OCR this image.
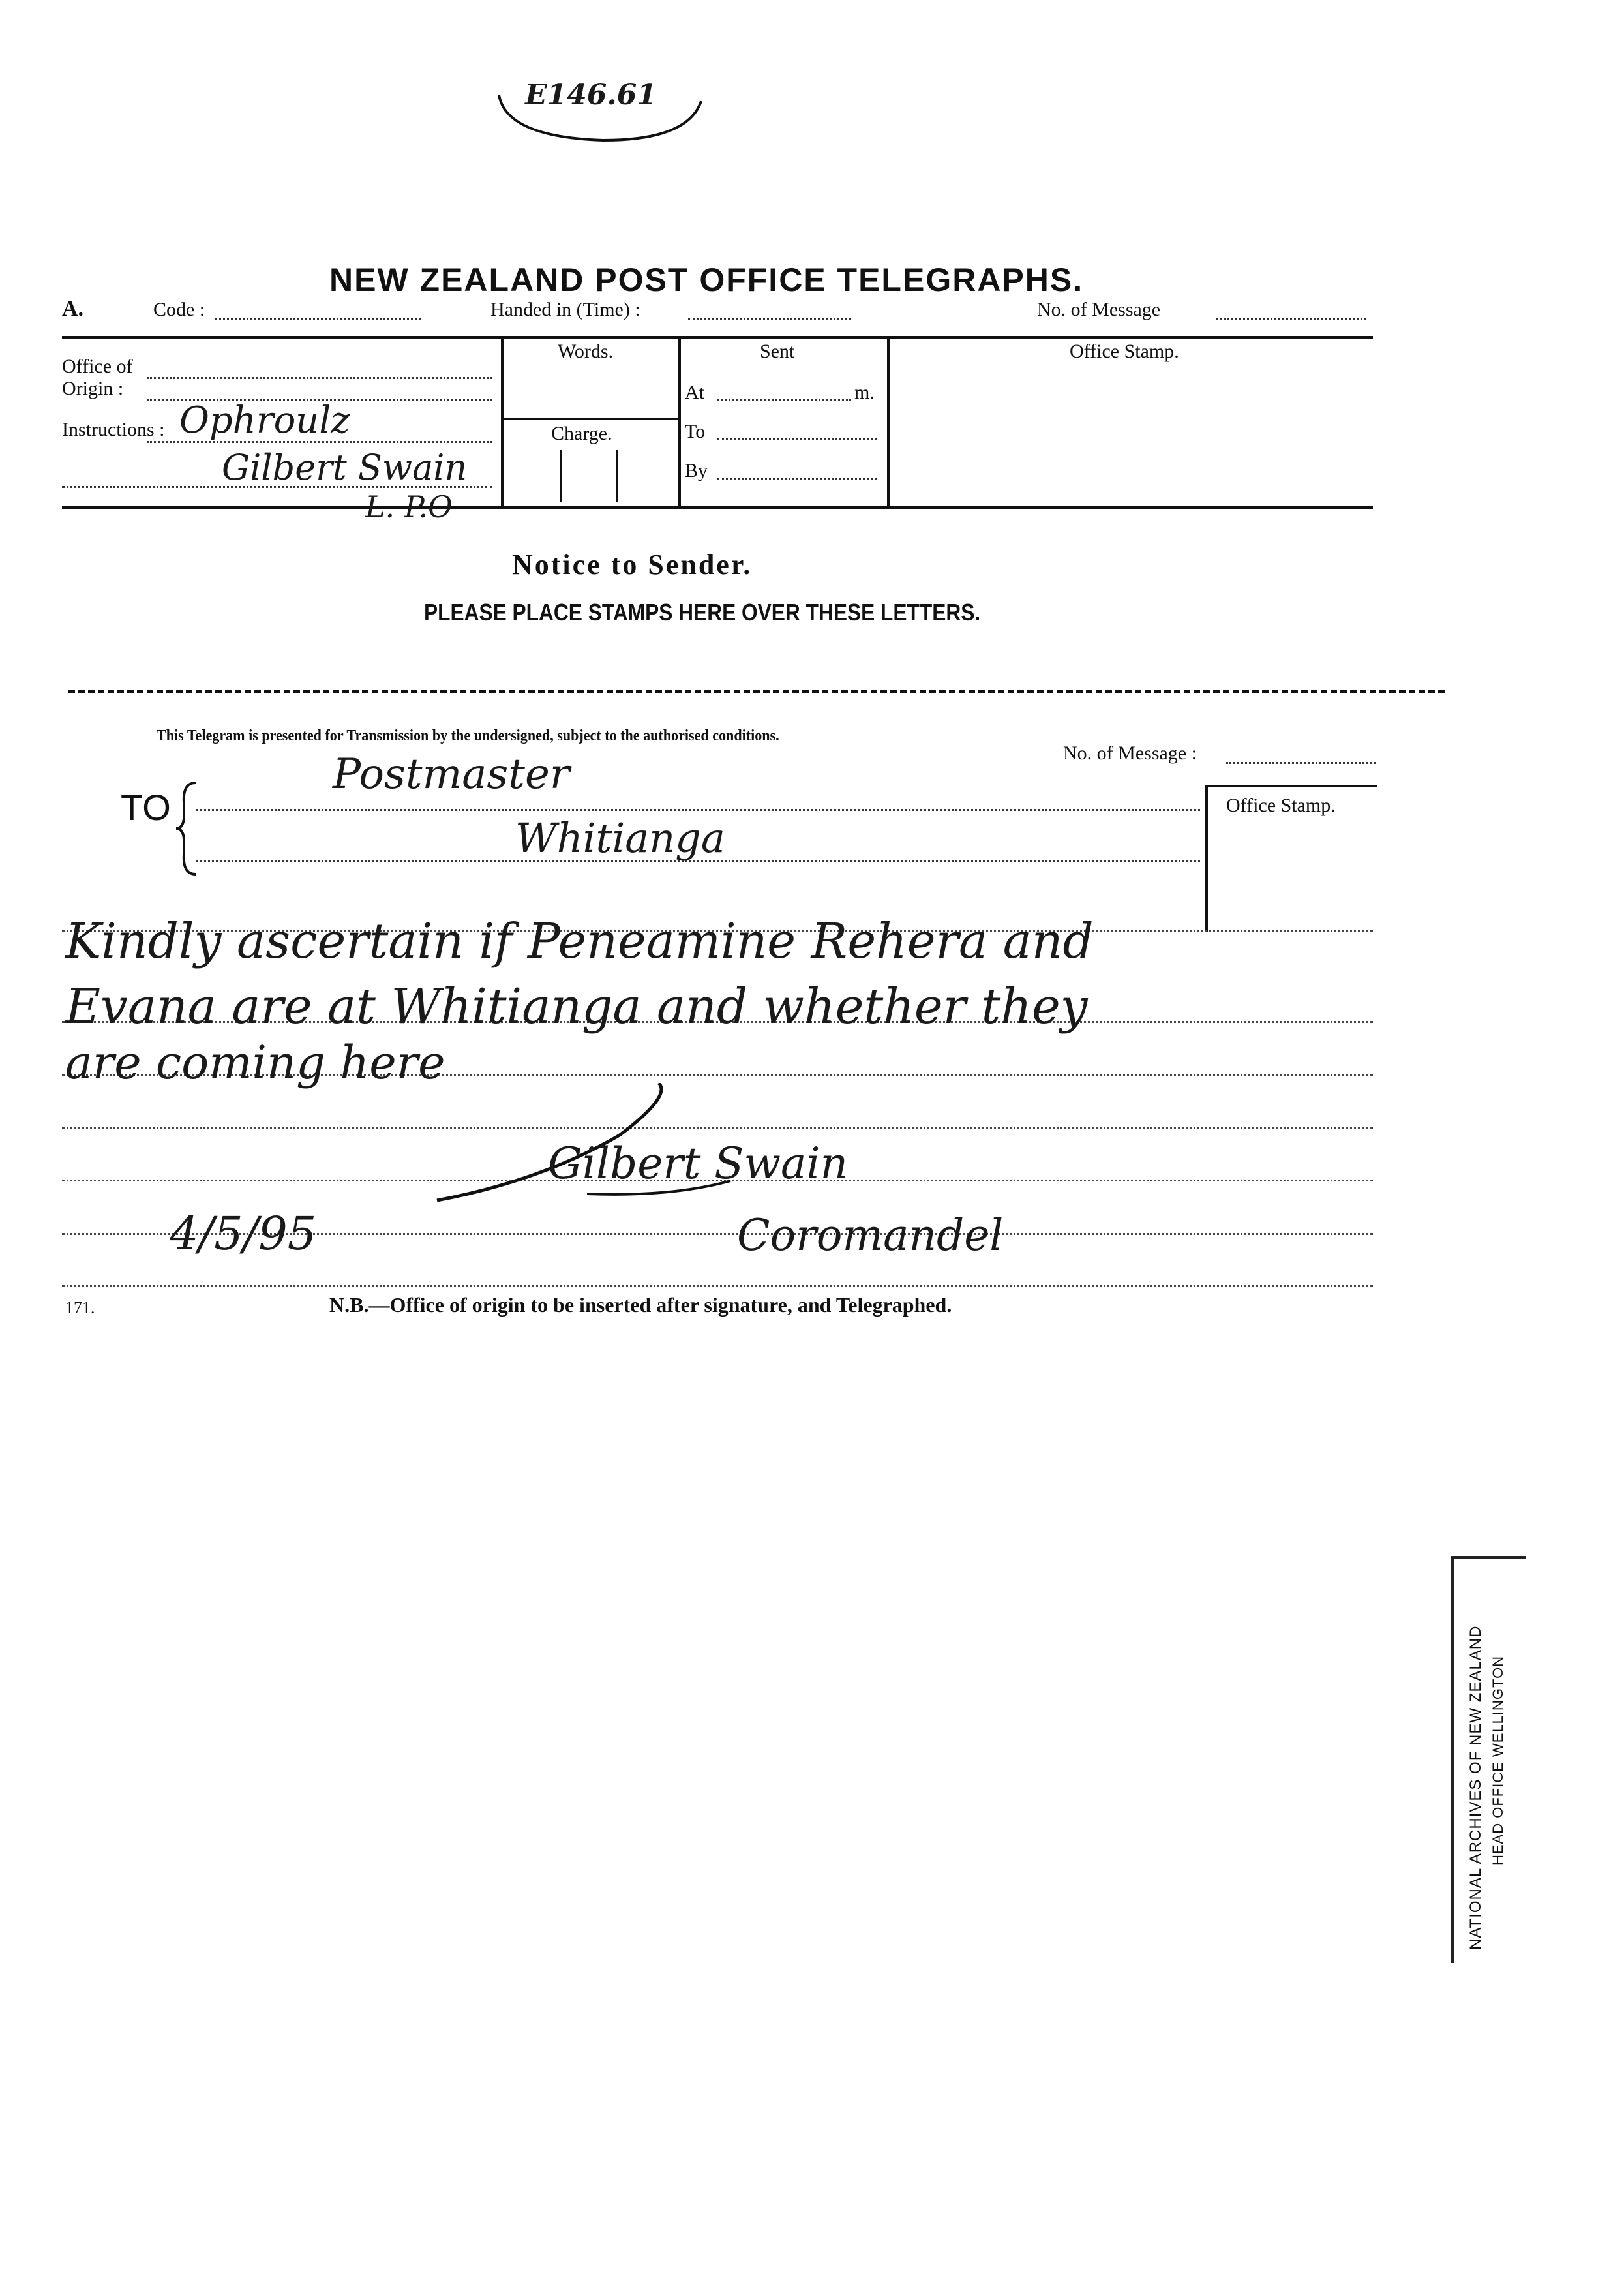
E146.61
NEW ZEALAND POST OFFICE TELEGRAPHS.
A.	Code :	Handed in (Time) :	No. of Message
Office of Origin :
Instructions : Ophroulz
Gilbert Swain
L. P.O
Words.
Charge.
Sent
At	m.
To
By
Office Stamp.
Notice to Sender.
PLEASE PLACE STAMPS HERE OVER THESE LETTERS.
This Telegram is presented for Transmission by the undersigned, subject to the authorised conditions.
No. of Message :
TO
Postmaster
Whitianga
Office Stamp.
Kindly ascertain if Peneamine Rehera and
Evana are at Whitianga and whether they
are coming here
Gilbert Swain
4/5/95	Coromandel
171.	N.B.—Office of origin to be inserted after signature, and Telegraphed.
NATIONAL ARCHIVES OF NEW ZEALAND HEAD OFFICE WELLINGTON
